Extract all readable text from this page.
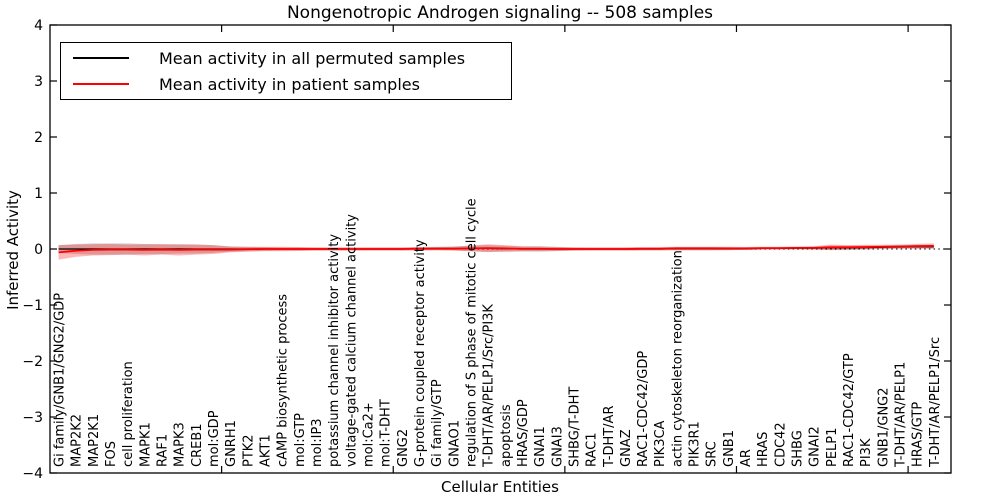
Nongenotropic Androgen signaling -- 508 samples
Inferred Activity
Cellular Entities
4
3
2
1
0
−1
−2
−3
−4
Gi family/GNB1/GNG2/GDP MAP2K2 MAP2K1 FOS cell proliferation MAPK1 RAF1 MAPK3 CREB1 mol:GDP GNRH1 PTK2 AKT1 cAMP biosynthetic process mol:GTP mol:IP3 potassium channel inhibitor activity voltage-gated calcium channel activity mol:Ca2+ mol:T-DHT GNG2 G-protein coupled receptor activity Gi family/GTP GNAO1 regulation of S phase of mitotic cell cycle T-DHT/AR/PELP1/Src/PI3K apoptosis HRAS/GDP GNAI1 GNAI3 SHBG/T-DHT RAC1 T-DHT/AR GNAZ RAC1-CDC42/GDP PIK3CA actin cytoskeleton reorganization PIK3R1 SRC GNB1 AR HRAS CDC42 SHBG GNAI2 PELP1 RAC1-CDC42/GTP PI3K GNB1/GNG2 T-DHT/AR/PELP1 HRAS/GTP T-DHT/AR/PELP1/Src
Mean activity in all permuted samples
Mean activity in patient samples
